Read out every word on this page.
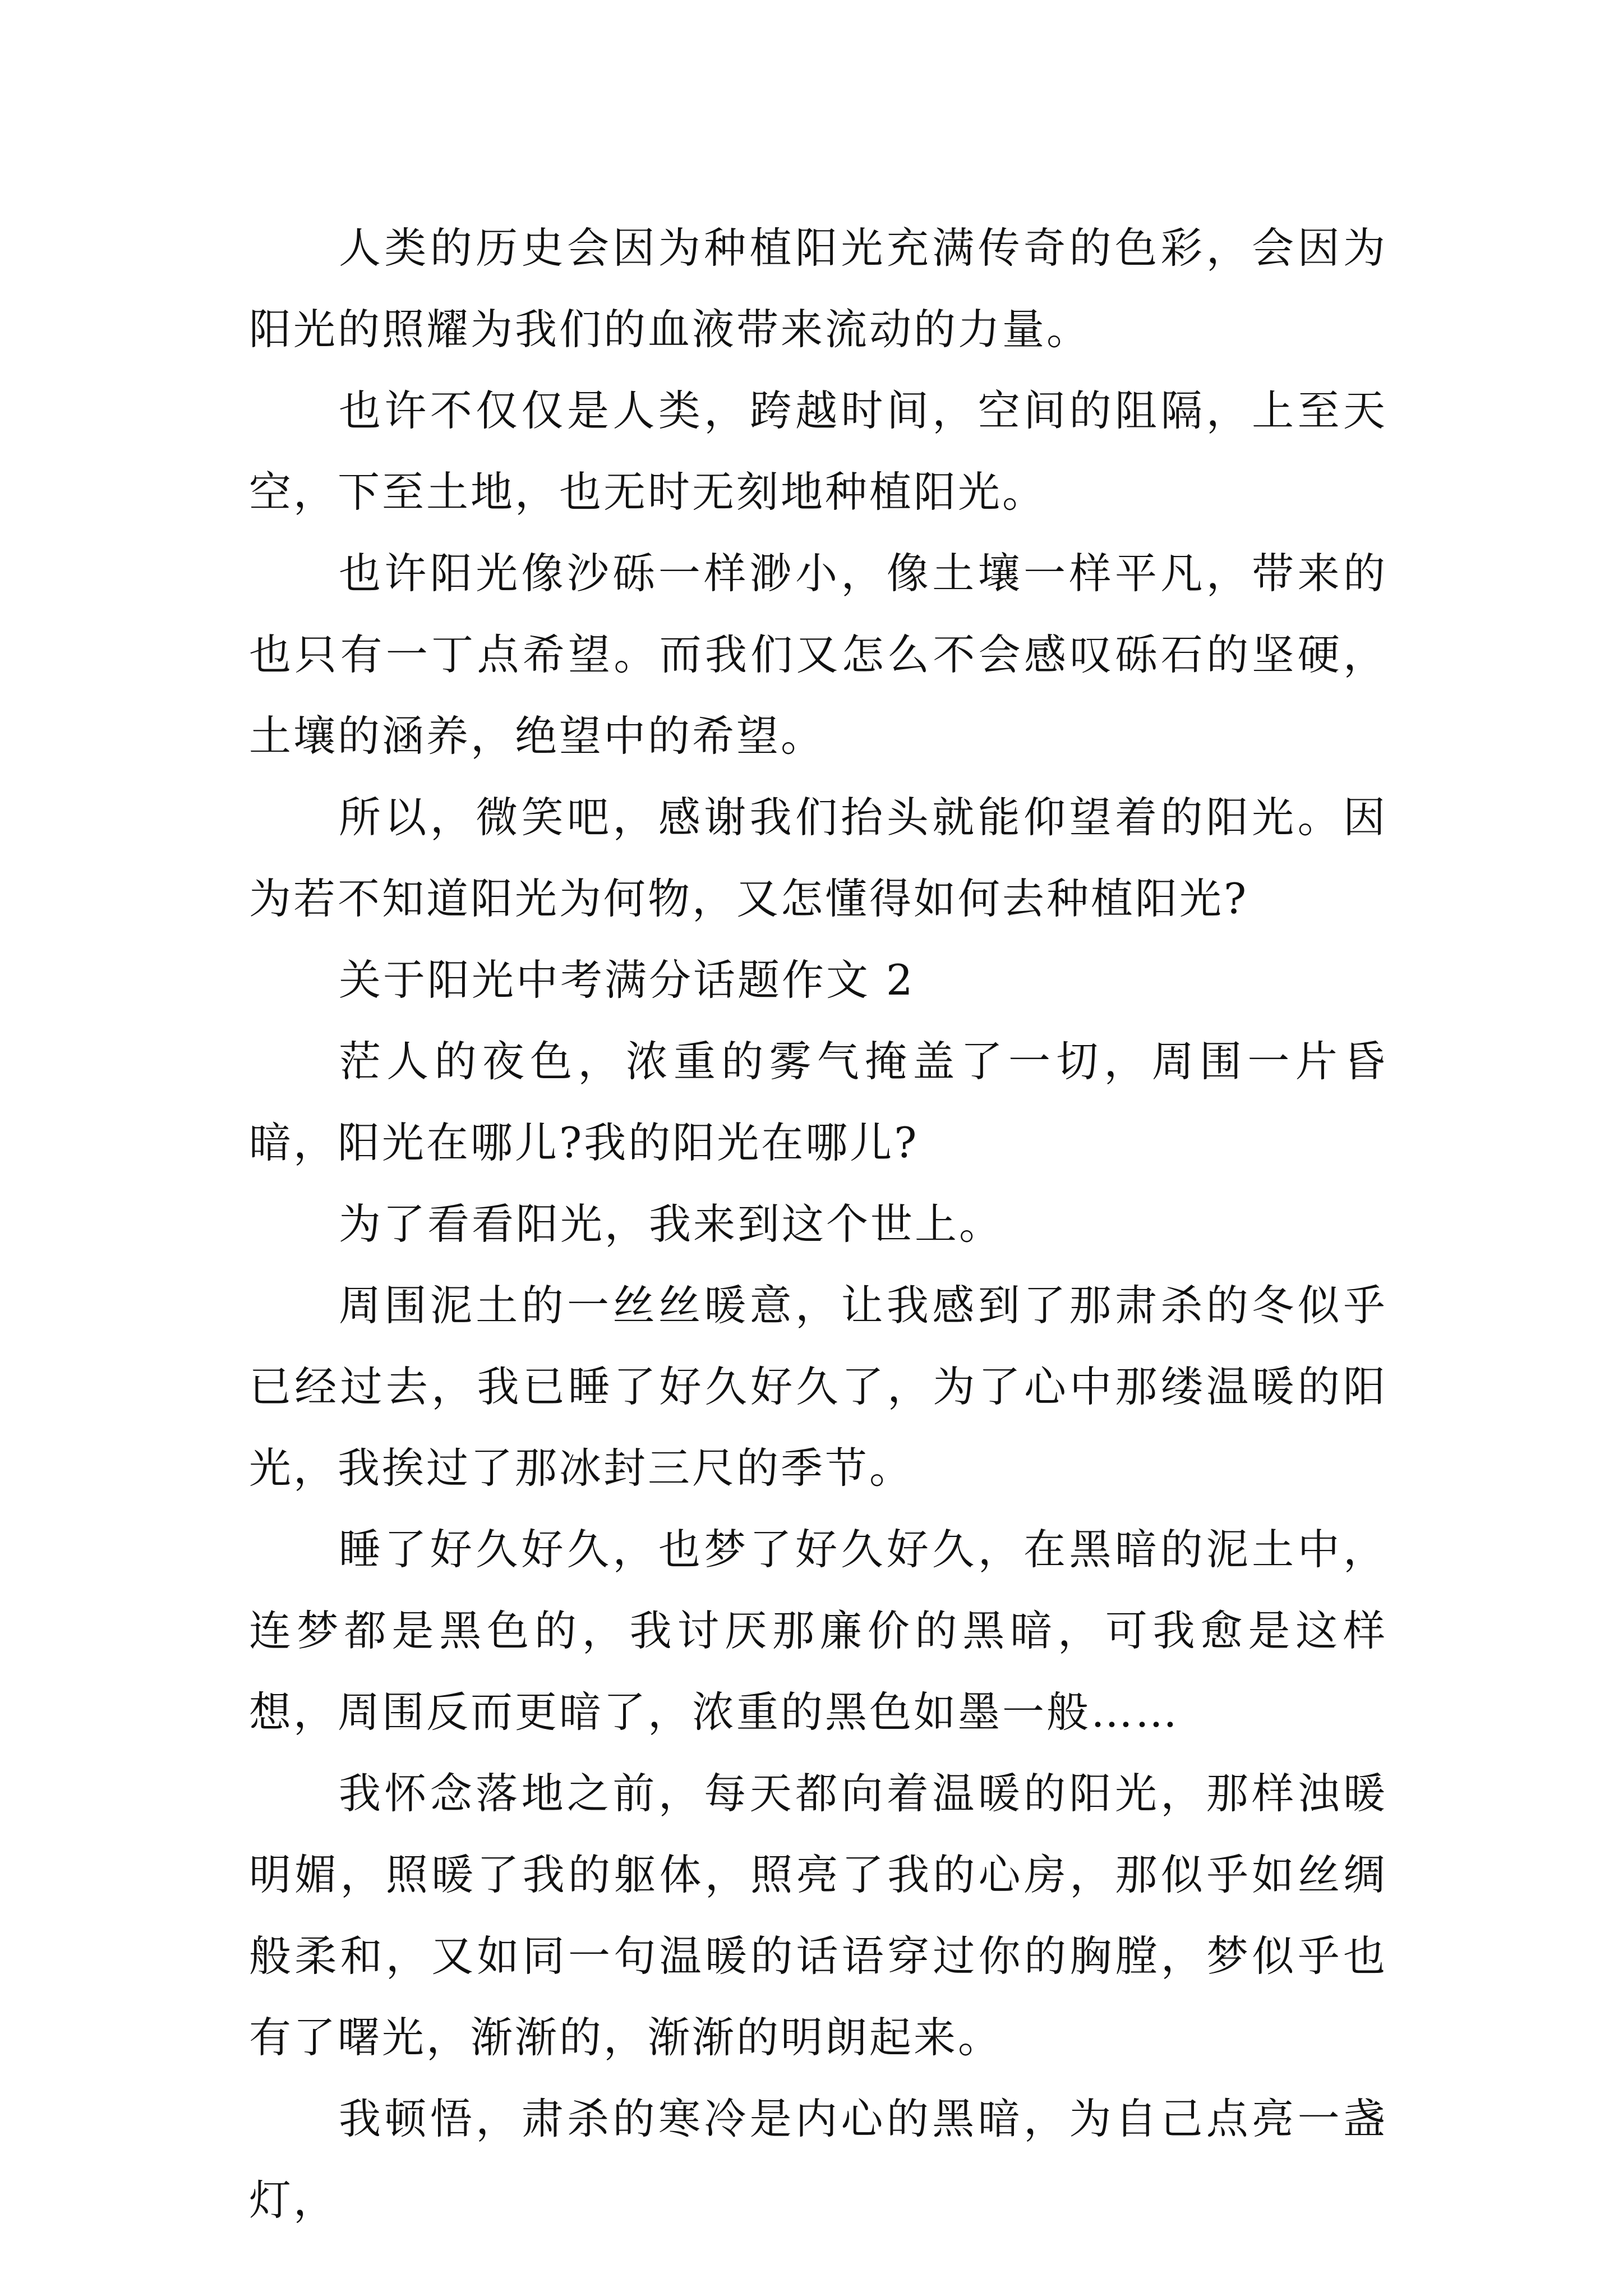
人类的历史会因为种植阳光充满传奇的色彩，会因为阳光的照耀为我们的血液带来流动的力量。

也许不仅仅是人类，跨越时间，空间的阻隔，上至天空，下至土地，也无时无刻地种植阳光。

也许阳光像沙砾一样渺小，像土壤一样平凡，带来的也只有一丁点希望。而我们又怎么不会感叹砾石的坚硬，土壤的涵养，绝望中的希望。

所以，微笑吧，感谢我们抬头就能仰望着的阳光。因为若不知道阳光为何物，又怎懂得如何去种植阳光?

关于阳光中考满分话题作文 2

茫人的夜色，浓重的雾气掩盖了一切，周围一片昏暗，阳光在哪儿?我的阳光在哪儿?

为了看看阳光，我来到这个世上。

周围泥土的一丝丝暖意，让我感到了那肃杀的冬似乎已经过去，我已睡了好久好久了，为了心中那缕温暖的阳光，我挨过了那冰封三尺的季节。

睡了好久好久，也梦了好久好久，在黑暗的泥土中，连梦都是黑色的，我讨厌那廉价的黑暗，可我愈是这样想，周围反而更暗了，浓重的黑色如墨一般……

我怀念落地之前，每天都向着温暖的阳光，那样浊暖明媚，照暖了我的躯体，照亮了我的心房，那似乎如丝绸般柔和，又如同一句温暖的话语穿过你的胸膛，梦似乎也有了曙光，渐渐的，渐渐的明朗起来。

我顿悟，肃杀的寒冷是内心的黑暗，为自己点亮一盏灯，
